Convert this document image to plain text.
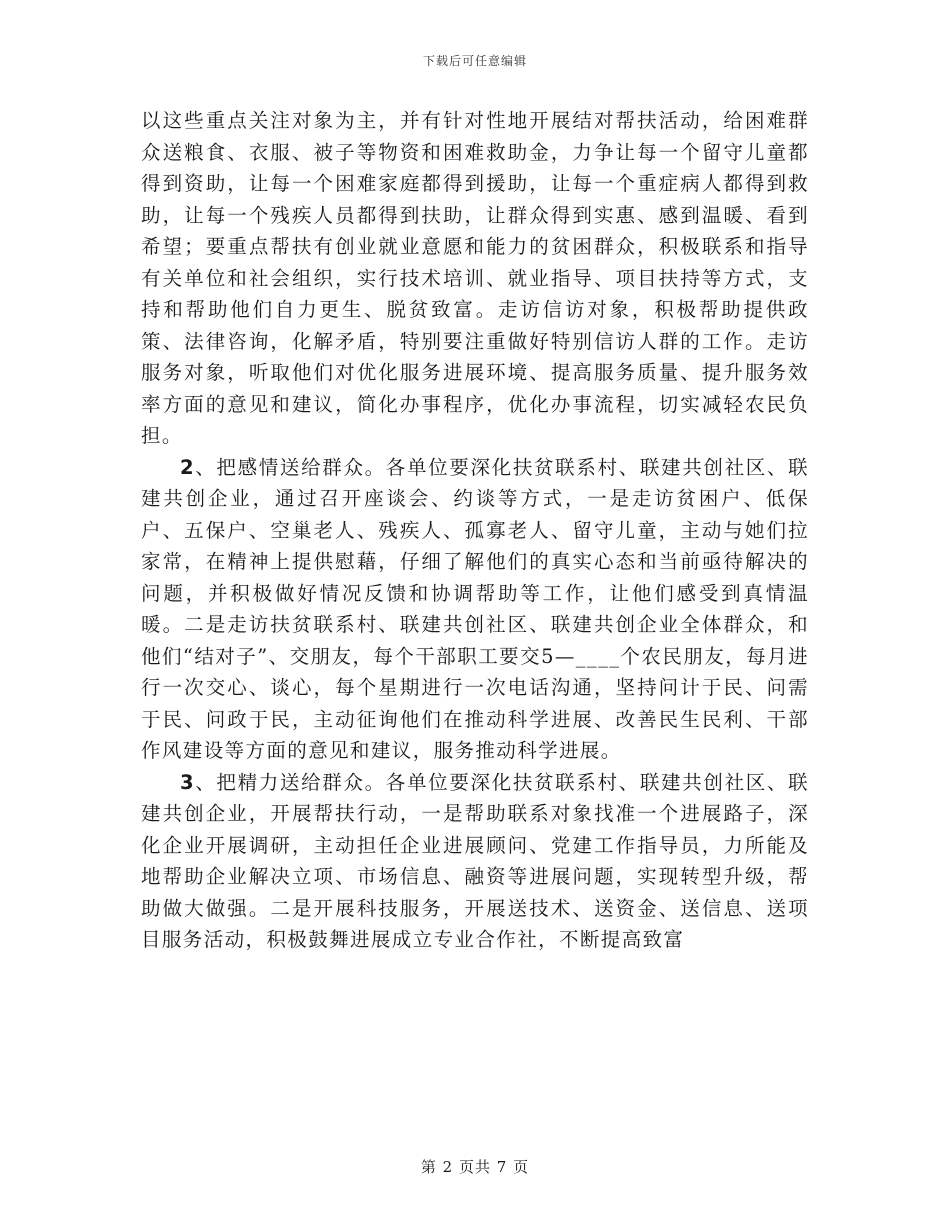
下载后可任意编辑

以这些重点关注对象为主，并有针对性地开展结对帮扶活动，给困难群众送粮食、衣服、被子等物资和困难救助金，力争让每一个留守儿童都得到资助，让每一个困难家庭都得到援助，让每一个重症病人都得到救助，让每一个残疾人员都得到扶助，让群众得到实惠、感到温暖、看到希望；要重点帮扶有创业就业意愿和能力的贫困群众，积极联系和指导有关单位和社会组织，实行技术培训、就业指导、项目扶持等方式，支持和帮助他们自力更生、脱贫致富。走访信访对象，积极帮助提供政策、法律咨询，化解矛盾，特别要注重做好特别信访人群的工作。走访服务对象，听取他们对优化服务进展环境、提高服务质量、提升服务效率方面的意见和建议，简化办事程序，优化办事流程，切实减轻农民负担。

2、把感情送给群众。各单位要深化扶贫联系村、联建共创社区、联建共创企业，通过召开座谈会、约谈等方式，一是走访贫困户、低保户、五保户、空巢老人、残疾人、孤寡老人、留守儿童，主动与她们拉家常，在精神上提供慰藉，仔细了解他们的真实心态和当前亟待解决的问题，并积极做好情况反馈和协调帮助等工作，让他们感受到真情温暖。二是走访扶贫联系村、联建共创社区、联建共创企业全体群众，和他们“结对子”、交朋友，每个干部职工要交5—____个农民朋友，每月进行一次交心、谈心，每个星期进行一次电话沟通，坚持问计于民、问需于民、问政于民，主动征询他们在推动科学进展、改善民生民利、干部作风建设等方面的意见和建议，服务推动科学进展。

3、把精力送给群众。各单位要深化扶贫联系村、联建共创社区、联建共创企业，开展帮扶行动，一是帮助联系对象找准一个进展路子，深化企业开展调研，主动担任企业进展顾问、党建工作指导员，力所能及地帮助企业解决立项、市场信息、融资等进展问题，实现转型升级，帮助做大做强。二是开展科技服务，开展送技术、送资金、送信息、送项目服务活动，积极鼓舞进展成立专业合作社，不断提高致富

第 2 页共 7 页
